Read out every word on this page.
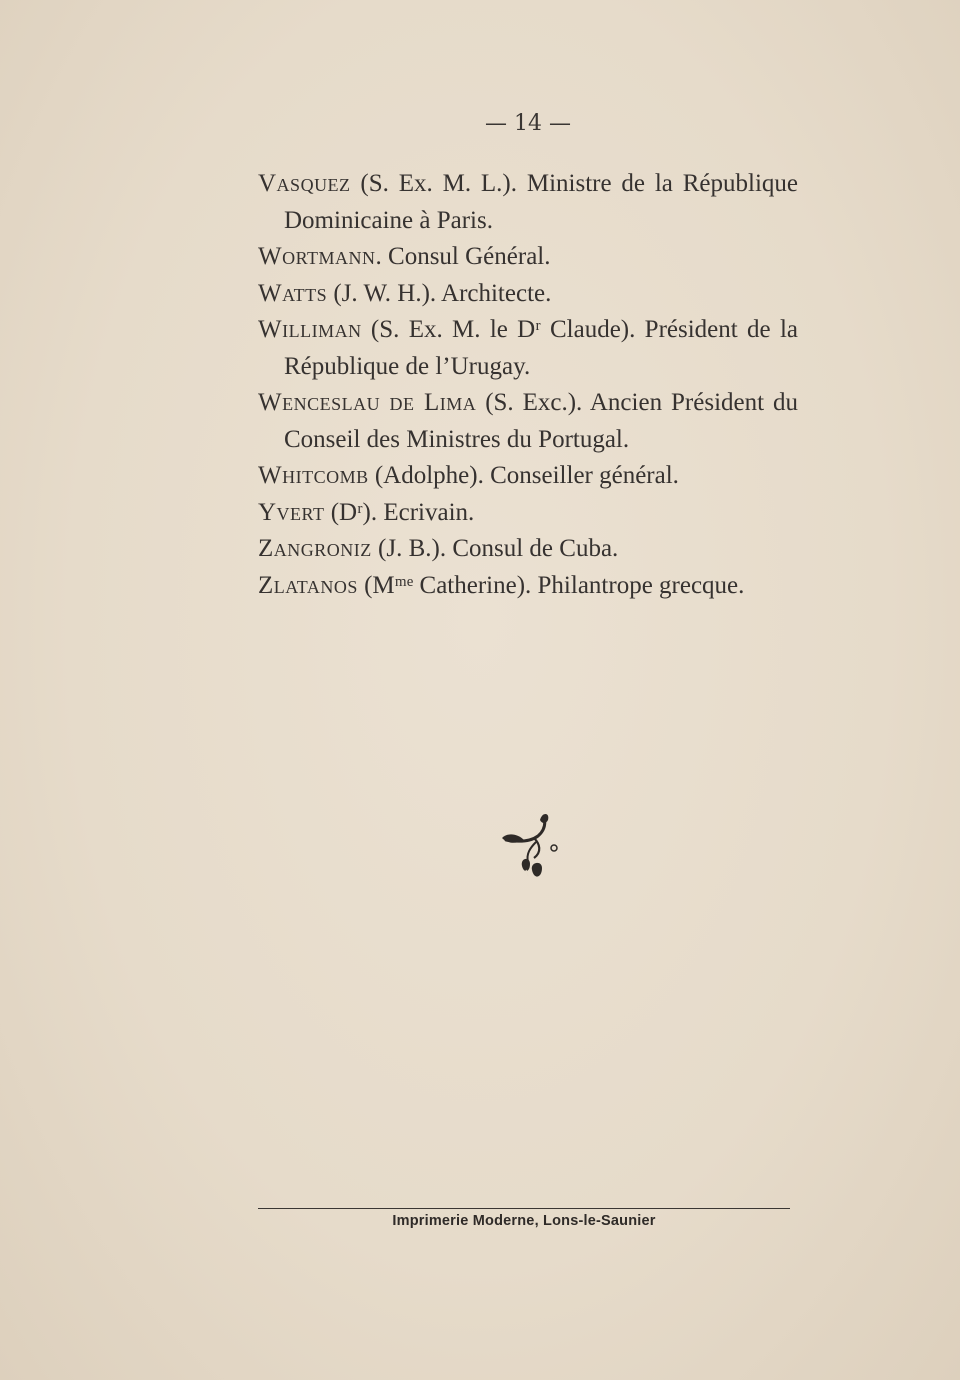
— 14 —

Vasquez (S. Ex. M. L.). Ministre de la République Dominicaine à Paris.

Wortmann. Consul Général.

Watts (J. W. H.). Architecte.

Williman (S. Ex. M. le Dʳ Claude). Président de la République de l’Urugay.

Wenceslau de Lima (S. Exc.). Ancien Président du Conseil des Ministres du Portugal.

Whitcomb (Adolphe). Conseiller général.

Yvert (Dʳ). Ecrivain.

Zangroniz (J. B.). Consul de Cuba.

Zlatanos (Mᵐᵉ Catherine). Philantrope grecque.

Imprimerie Moderne, Lons-le-Saunier
